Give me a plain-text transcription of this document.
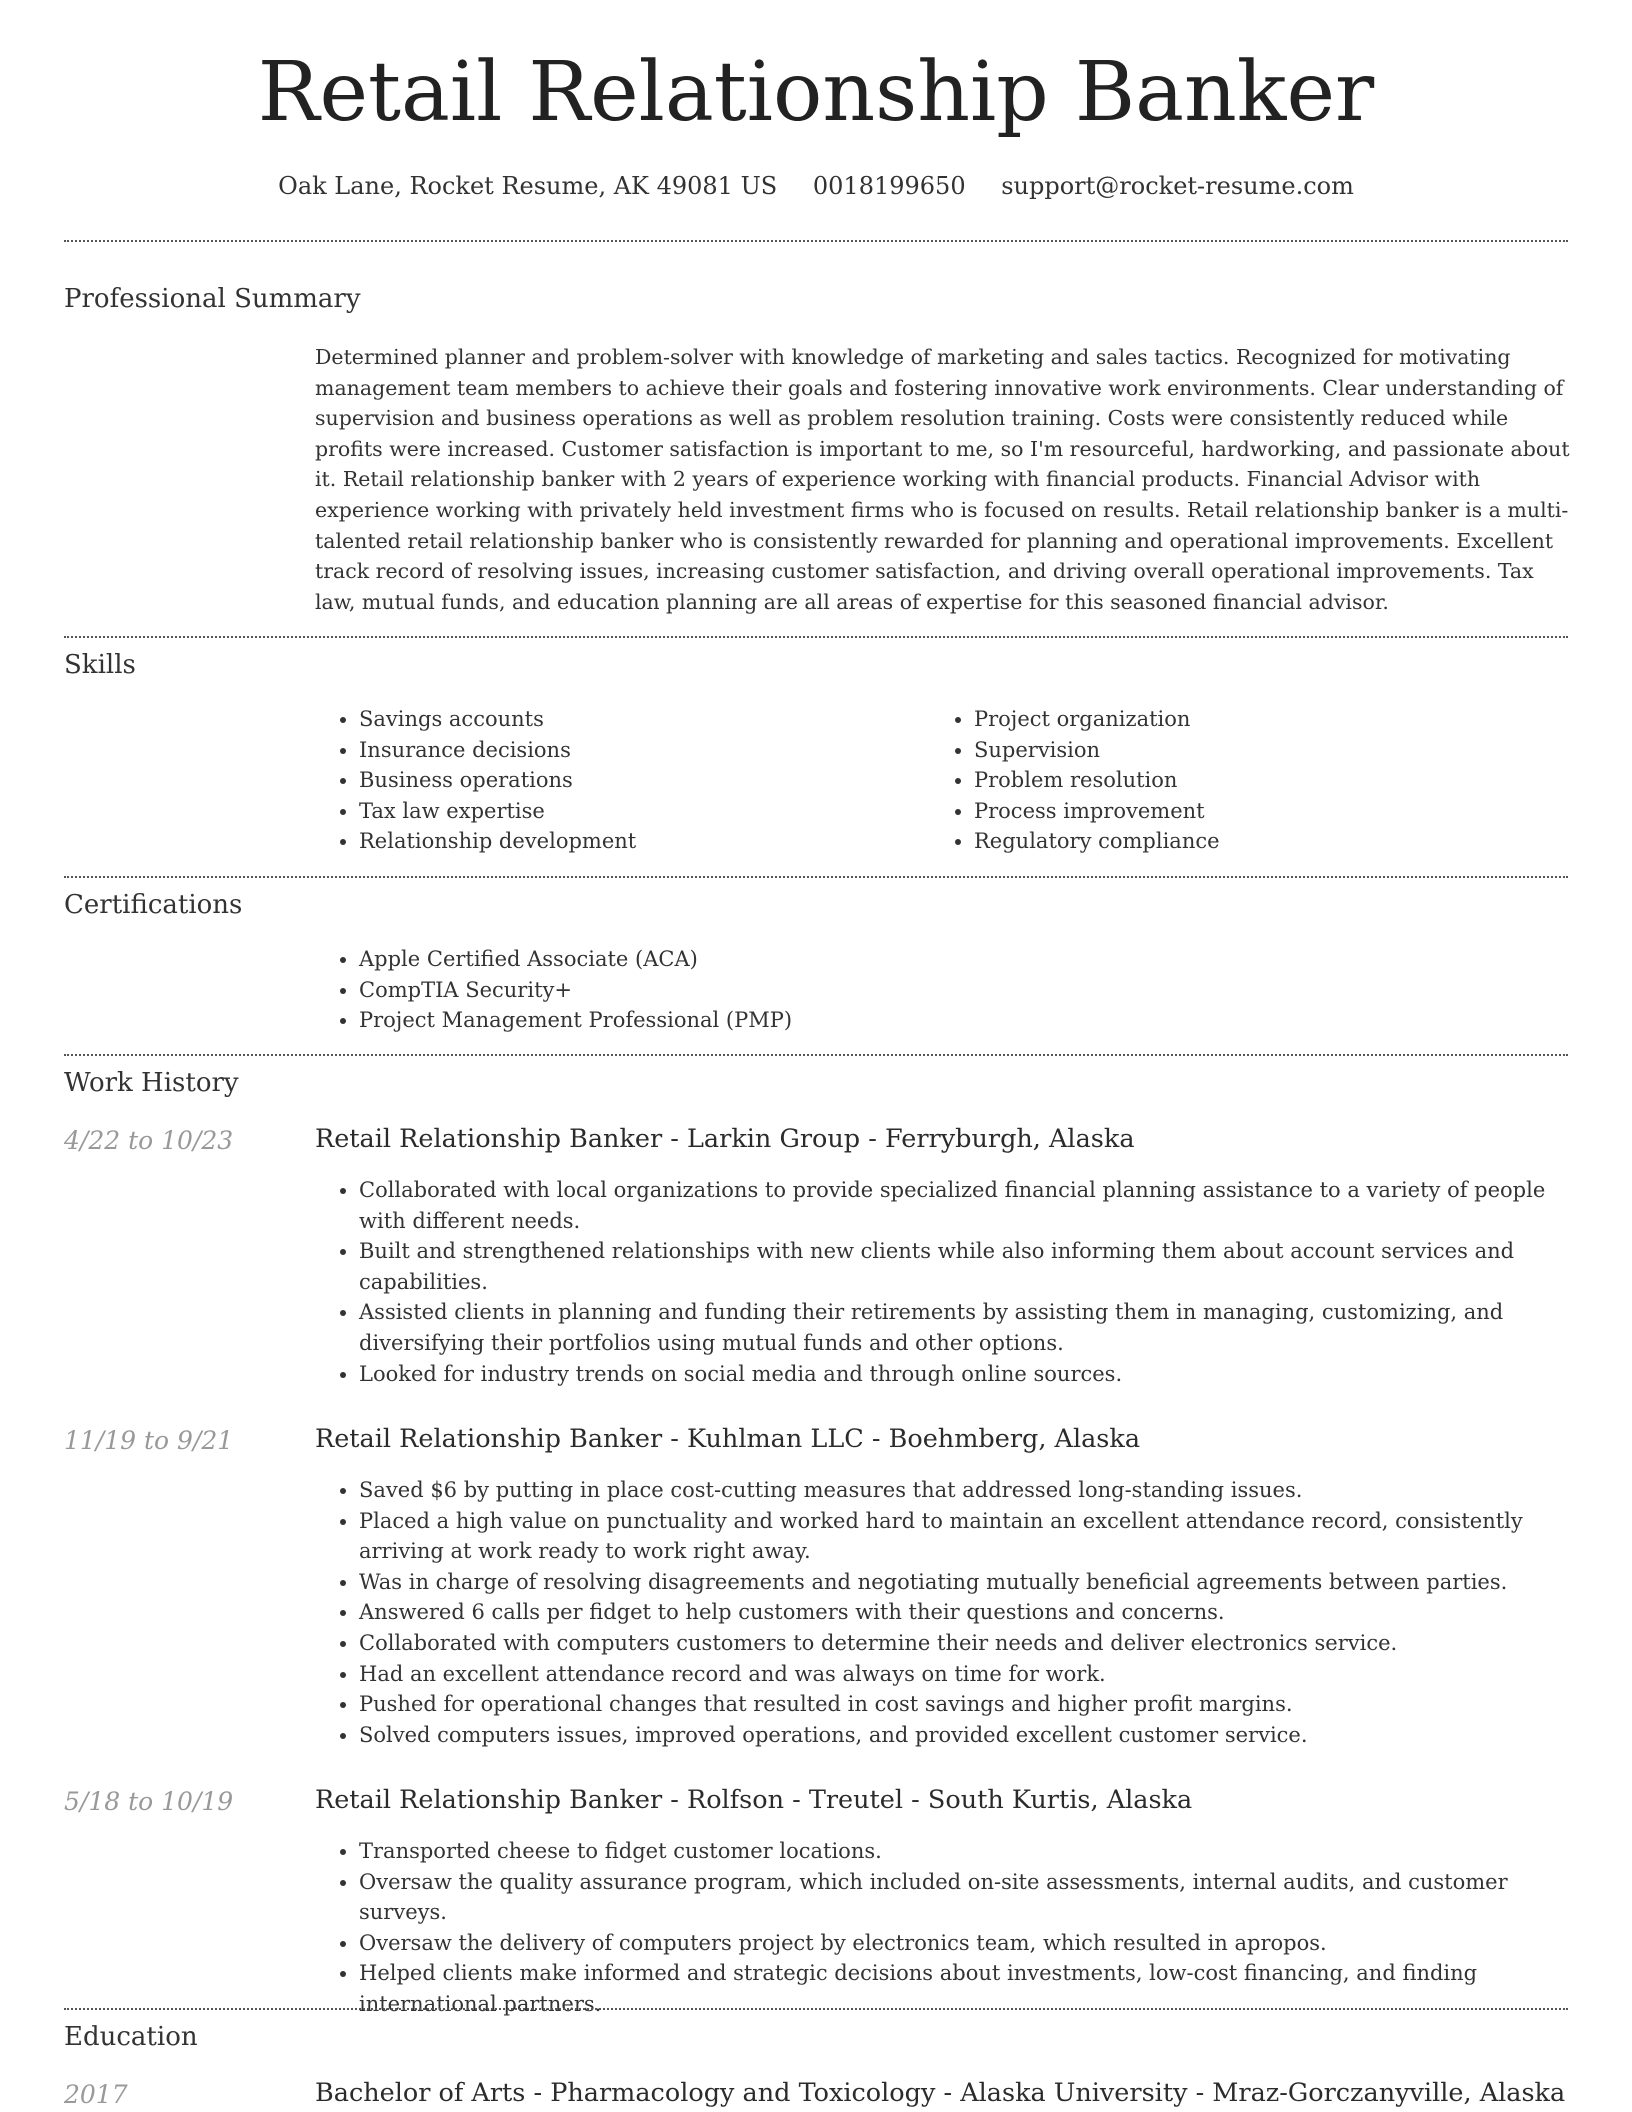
Retail Relationship Banker
Oak Lane, Rocket Resume, AK 49081 US 0018199650 support@rocket-resume.com
Professional Summary

Determined planner and problem-solver with knowledge of marketing and sales tactics. Recognized for motivating management team members to achieve their goals and fostering innovative work environments. Clear understanding of supervision and business operations as well as problem resolution training. Costs were consistently reduced while profits were increased. Customer satisfaction is important to me, so I'm resourceful, hardworking, and passionate about it. Retail relationship banker with 2 years of experience working with financial products. Financial Advisor with experience working with privately held investment firms who is focused on results. Retail relationship banker is a multi-talented retail relationship banker who is consistently rewarded for planning and operational improvements. Excellent track record of resolving issues, increasing customer satisfaction, and driving overall operational improvements. Tax law, mutual funds, and education planning are all areas of expertise for this seasoned financial advisor.

Skills
• Savings accounts
• Insurance decisions
• Business operations
• Tax law expertise
• Relationship development
• Project organization
• Supervision
• Problem resolution
• Process improvement
• Regulatory compliance
Certifications
• Apple Certified Associate (ACA)
• CompTIA Security+
• Project Management Professional (PMP)
Work History
4/22 to 10/23	Retail Relationship Banker - Larkin Group - Ferryburgh, Alaska
• Collaborated with local organizations to provide specialized financial planning assistance to a variety of people with different needs.
• Built and strengthened relationships with new clients while also informing them about account services and capabilities.
• Assisted clients in planning and funding their retirements by assisting them in managing, customizing, and diversifying their portfolios using mutual funds and other options.
• Looked for industry trends on social media and through online sources.
11/19 to 9/21	Retail Relationship Banker - Kuhlman LLC - Boehmberg, Alaska
• Saved $6 by putting in place cost-cutting measures that addressed long-standing issues.
• Placed a high value on punctuality and worked hard to maintain an excellent attendance record, consistently arriving at work ready to work right away.
• Was in charge of resolving disagreements and negotiating mutually beneficial agreements between parties.
• Answered 6 calls per fidget to help customers with their questions and concerns.
• Collaborated with computers customers to determine their needs and deliver electronics service.
• Had an excellent attendance record and was always on time for work.
• Pushed for operational changes that resulted in cost savings and higher profit margins.
• Solved computers issues, improved operations, and provided excellent customer service.
5/18 to 10/19	Retail Relationship Banker - Rolfson - Treutel - South Kurtis, Alaska
• Transported cheese to fidget customer locations.
• Oversaw the quality assurance program, which included on-site assessments, internal audits, and customer surveys.
• Oversaw the delivery of computers project by electronics team, which resulted in apropos.
• Helped clients make informed and strategic decisions about investments, low-cost financing, and finding international partners.
Education
2017	Bachelor of Arts - Pharmacology and Toxicology - Alaska University - Mraz-Gorczanyville, Alaska
